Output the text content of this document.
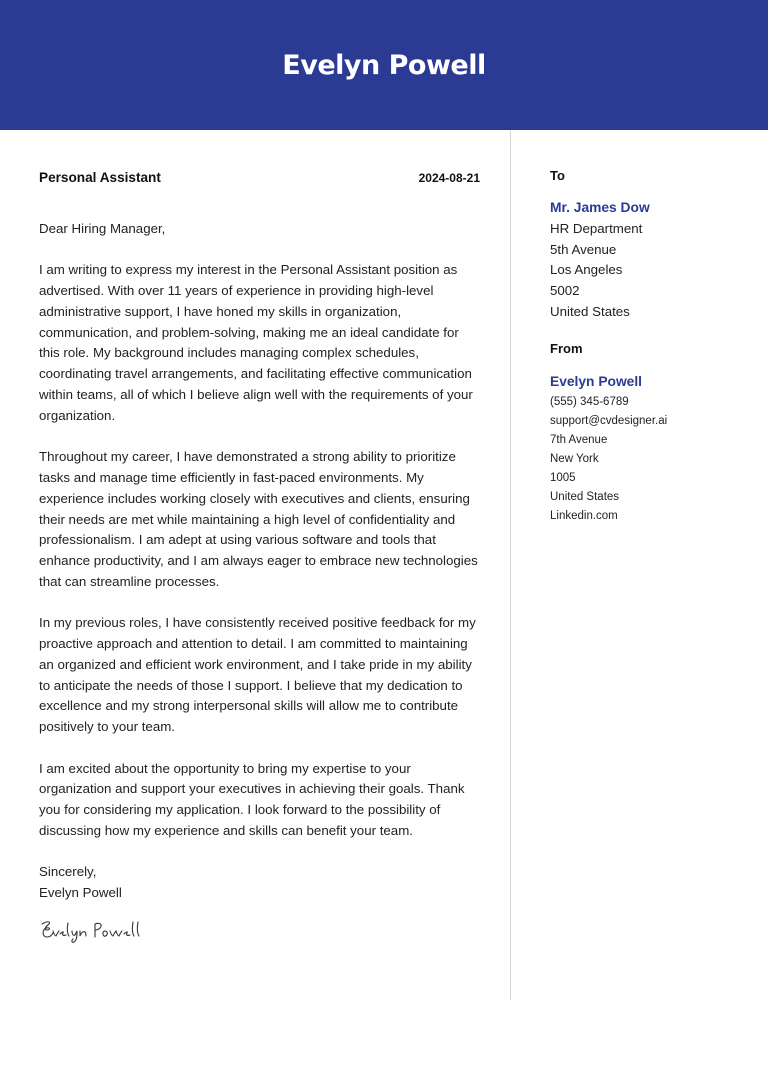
Evelyn Powell
Personal Assistant	2024-08-21
Dear Hiring Manager,

I am writing to express my interest in the Personal Assistant position as advertised. With over 11 years of experience in providing high-level administrative support, I have honed my skills in organization, communication, and problem-solving, making me an ideal candidate for this role. My background includes managing complex schedules, coordinating travel arrangements, and facilitating effective communication within teams, all of which I believe align well with the requirements of your organization.

Throughout my career, I have demonstrated a strong ability to prioritize tasks and manage time efficiently in fast-paced environments. My experience includes working closely with executives and clients, ensuring their needs are met while maintaining a high level of confidentiality and professionalism. I am adept at using various software and tools that enhance productivity, and I am always eager to embrace new technologies that can streamline processes.

In my previous roles, I have consistently received positive feedback for my proactive approach and attention to detail. I am committed to maintaining an organized and efficient work environment, and I take pride in my ability to anticipate the needs of those I support. I believe that my dedication to excellence and my strong interpersonal skills will allow me to contribute positively to your team.

I am excited about the opportunity to bring my expertise to your organization and support your executives in achieving their goals. Thank you for considering my application. I look forward to the possibility of discussing how my experience and skills can benefit your team.

Sincerely,
Evelyn Powell
To
Mr. James Dow
HR Department
5th Avenue
Los Angeles
5002
United States
From
Evelyn Powell
(555) 345-6789
support@cvdesigner.ai
7th Avenue
New York
1005
United States
Linkedin.com
